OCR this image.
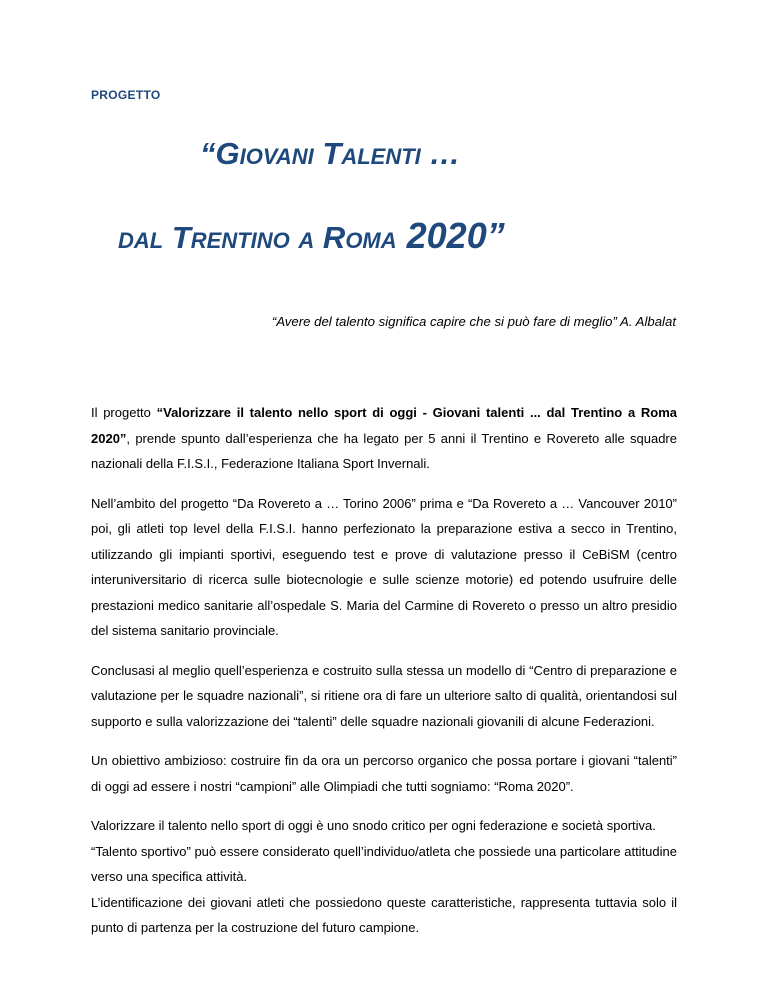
PROGETTO
“GIOVANI TALENTI …
DAL TRENTINO A ROMA 2020”
“Avere del talento significa capire che si può fare di meglio” A. Albalat

Il progetto “Valorizzare il talento nello sport di oggi - Giovani talenti ... dal Trentino a Roma 2020”, prende spunto dall’esperienza che ha legato per 5 anni il Trentino e Rovereto alle squadre nazionali della F.I.S.I., Federazione Italiana Sport Invernali.

Nell’ambito del progetto “Da Rovereto a … Torino 2006” prima e “Da Rovereto a … Vancouver 2010” poi, gli atleti top level della F.I.S.I. hanno perfezionato la preparazione estiva a secco in Trentino, utilizzando gli impianti sportivi, eseguendo test e prove di valutazione presso il CeBiSM (centro interuniversitario di ricerca sulle biotecnologie e sulle scienze motorie) ed potendo usufruire delle prestazioni medico sanitarie all’ospedale S. Maria del Carmine di Rovereto o presso un altro presidio del sistema sanitario provinciale.

Conclusasi al meglio quell’esperienza e costruito sulla stessa un modello di “Centro di preparazione e valutazione per le squadre nazionali”, si ritiene ora di fare un ulteriore salto di qualità, orientandosi sul supporto e sulla valorizzazione dei “talenti” delle squadre nazionali giovanili di alcune Federazioni.

Un obiettivo ambizioso: costruire fin da ora un percorso organico che possa portare i giovani “talenti” di oggi ad essere i nostri “campioni” alle Olimpiadi che tutti sogniamo: “Roma 2020”.

Valorizzare il talento nello sport di oggi è uno snodo critico per ogni federazione e società sportiva.

“Talento sportivo” può essere considerato quell’individuo/atleta che possiede una particolare attitudine verso una specifica attività.

L’identificazione dei giovani atleti che possiedono queste caratteristiche, rappresenta tuttavia solo il punto di partenza per la costruzione del futuro campione.
